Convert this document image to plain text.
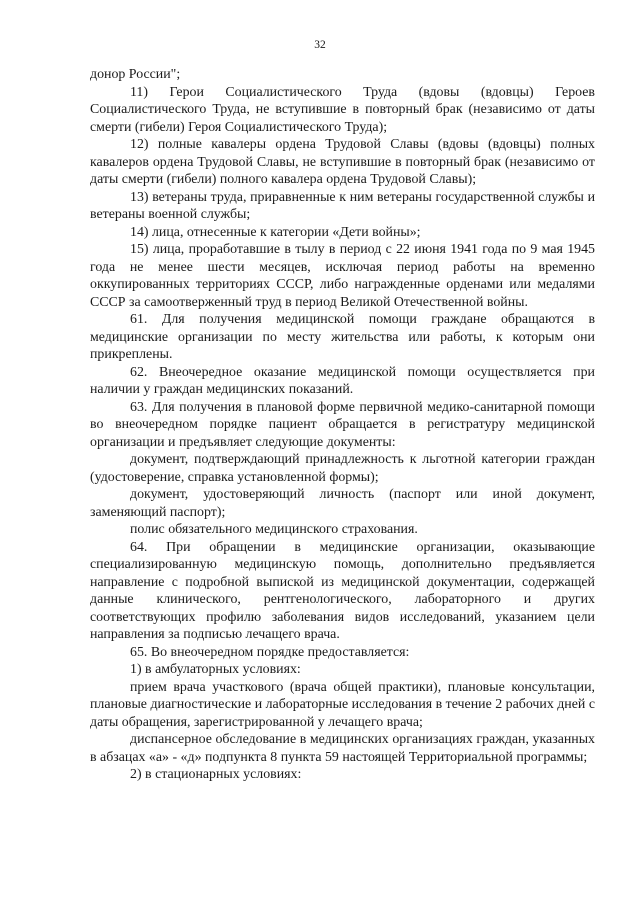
32

донор России";

11) Герои Социалистического Труда (вдовы (вдовцы) Героев Социалистического Труда, не вступившие в повторный брак (независимо от даты смерти (гибели) Героя Социалистического Труда);

12) полные кавалеры ордена Трудовой Славы (вдовы (вдовцы) полных кавалеров ордена Трудовой Славы, не вступившие в повторный брак (независимо от даты смерти (гибели) полного кавалера ордена Трудовой Славы);

13) ветераны труда, приравненные к ним ветераны государственной службы и ветераны военной службы;

14) лица, отнесенные к категории «Дети войны»;

15) лица, проработавшие в тылу в период с 22 июня 1941 года по 9 мая 1945 года не менее шести месяцев, исключая период работы на временно оккупированных территориях СССР, либо награжденные орденами или медалями СССР за самоотверженный труд в период Великой Отечественной войны.

61. Для получения медицинской помощи граждане обращаются в медицинские организации по месту жительства или работы, к которым они прикреплены.

62. Внеочередное оказание медицинской помощи осуществляется при наличии у граждан медицинских показаний.

63. Для получения в плановой форме первичной медико-санитарной помощи во внеочередном порядке пациент обращается в регистратуру медицинской организации и предъявляет следующие документы:

документ, подтверждающий принадлежность к льготной категории граждан (удостоверение, справка установленной формы);

документ, удостоверяющий личность (паспорт или иной документ, заменяющий паспорт);

полис обязательного медицинского страхования.

64. При обращении в медицинские организации, оказывающие специализированную медицинскую помощь, дополнительно предъявляется направление с подробной выпиской из медицинской документации, содержащей данные клинического, рентгенологического, лабораторного и других соответствующих профилю заболевания видов исследований, указанием цели направления за подписью лечащего врача.

65. Во внеочередном порядке предоставляется:

1) в амбулаторных условиях:

прием врача участкового (врача общей практики), плановые консультации, плановые диагностические и лабораторные исследования в течение 2 рабочих дней с даты обращения, зарегистрированной у лечащего врача;

диспансерное обследование в медицинских организациях граждан, указанных в абзацах «а» - «д» подпункта 8 пункта 59 настоящей Территориальной программы;

2) в стационарных условиях:
